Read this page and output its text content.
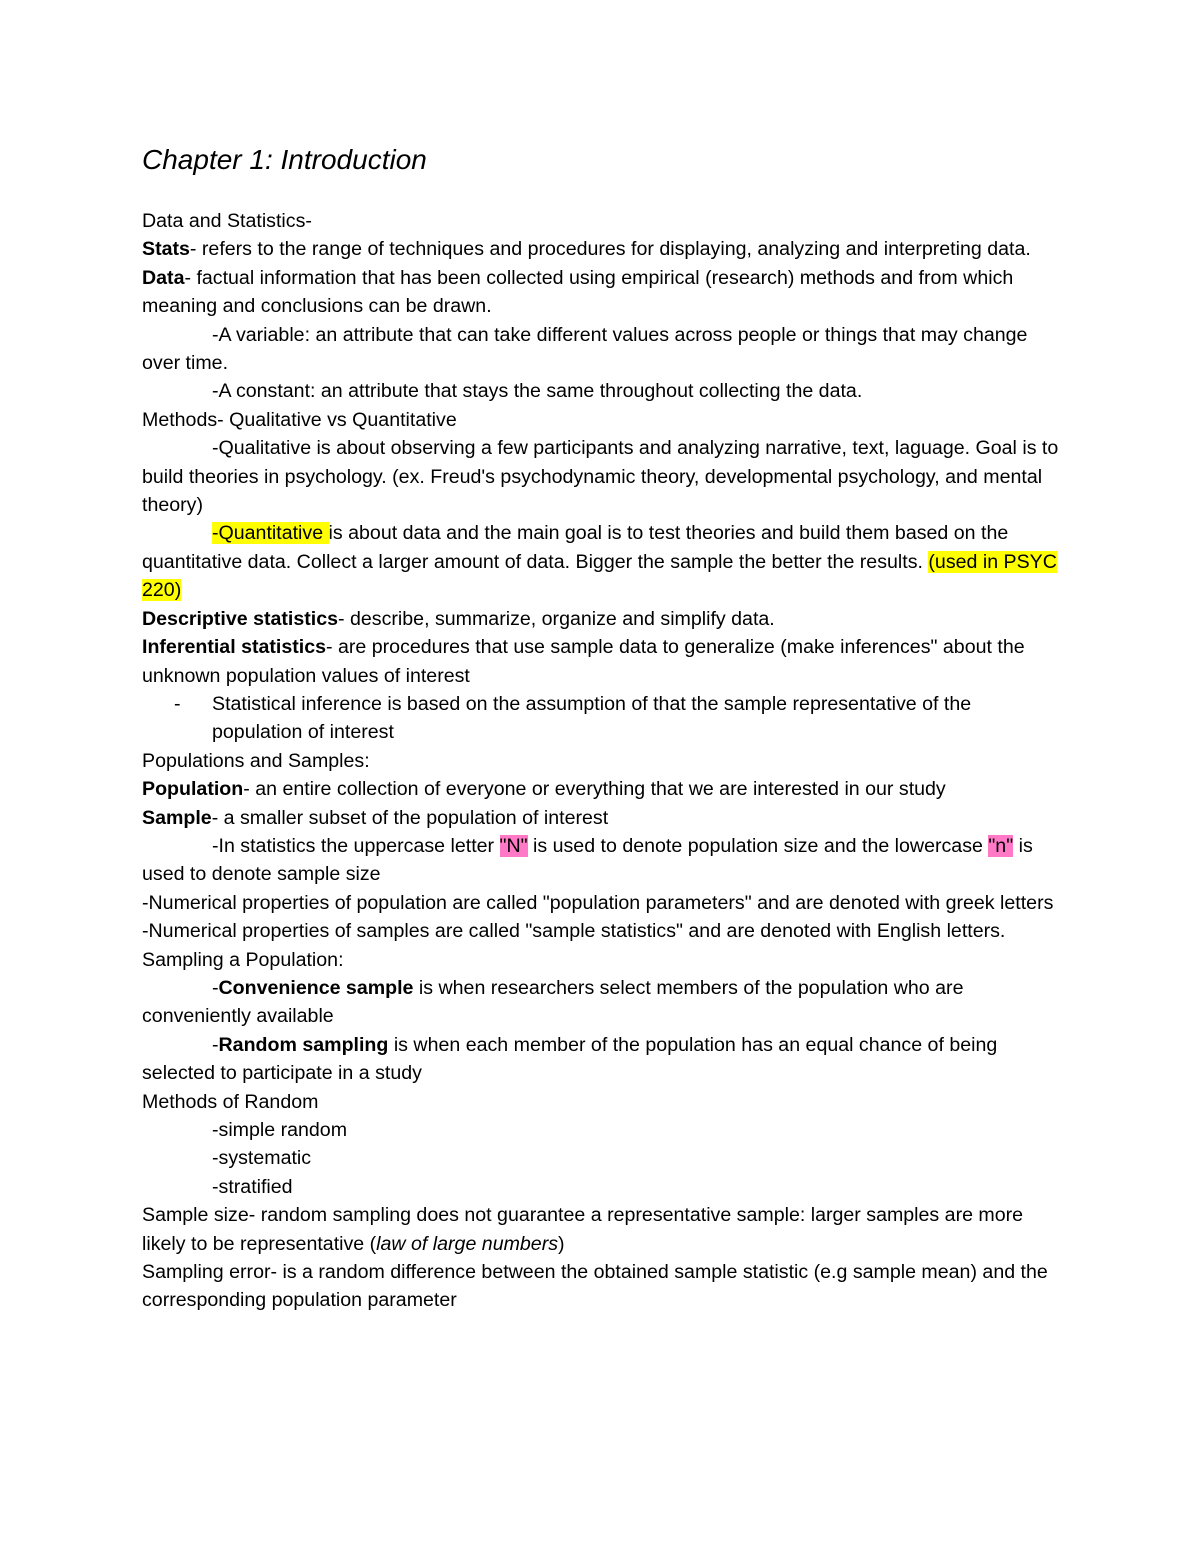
Chapter 1: Introduction

Data and Statistics-

Stats- refers to the range of techniques and procedures for displaying, analyzing and interpreting data.

Data- factual information that has been collected using empirical (research) methods and from which meaning and conclusions can be drawn.

-A variable: an attribute that can take different values across people or things that may change over time.

-A constant: an attribute that stays the same throughout collecting the data.

Methods- Qualitative vs Quantitative

-Qualitative is about observing a few participants and analyzing narrative, text, laguage. Goal is to build theories in psychology. (ex. Freud's psychodynamic theory, developmental psychology, and mental theory)

-Quantitative is about data and the main goal is to test theories and build them based on the quantitative data. Collect a larger amount of data. Bigger the sample the better the results. (used in PSYC 220)

Descriptive statistics- describe, summarize, organize and simplify data.

Inferential statistics- are procedures that use sample data to generalize (make inferences" about the unknown population values of interest

- Statistical inference is based on the assumption of that the sample representative of the population of interest

Populations and Samples:

Population- an entire collection of everyone or everything that we are interested in our study

Sample- a smaller subset of the population of interest

-In statistics the uppercase letter "N" is used to denote population size and the lowercase "n" is used to denote sample size

-Numerical properties of population are called "population parameters" and are denoted with greek letters

-Numerical properties of samples are called "sample statistics" and are denoted with English letters.

Sampling a Population:

-Convenience sample is when researchers select members of the population who are conveniently available

-Random sampling is when each member of the population has an equal chance of being selected to participate in a study

Methods of Random

-simple random

-systematic

-stratified

Sample size- random sampling does not guarantee a representative sample: larger samples are more likely to be representative (law of large numbers)

Sampling error- is a random difference between the obtained sample statistic (e.g sample mean) and the corresponding population parameter
